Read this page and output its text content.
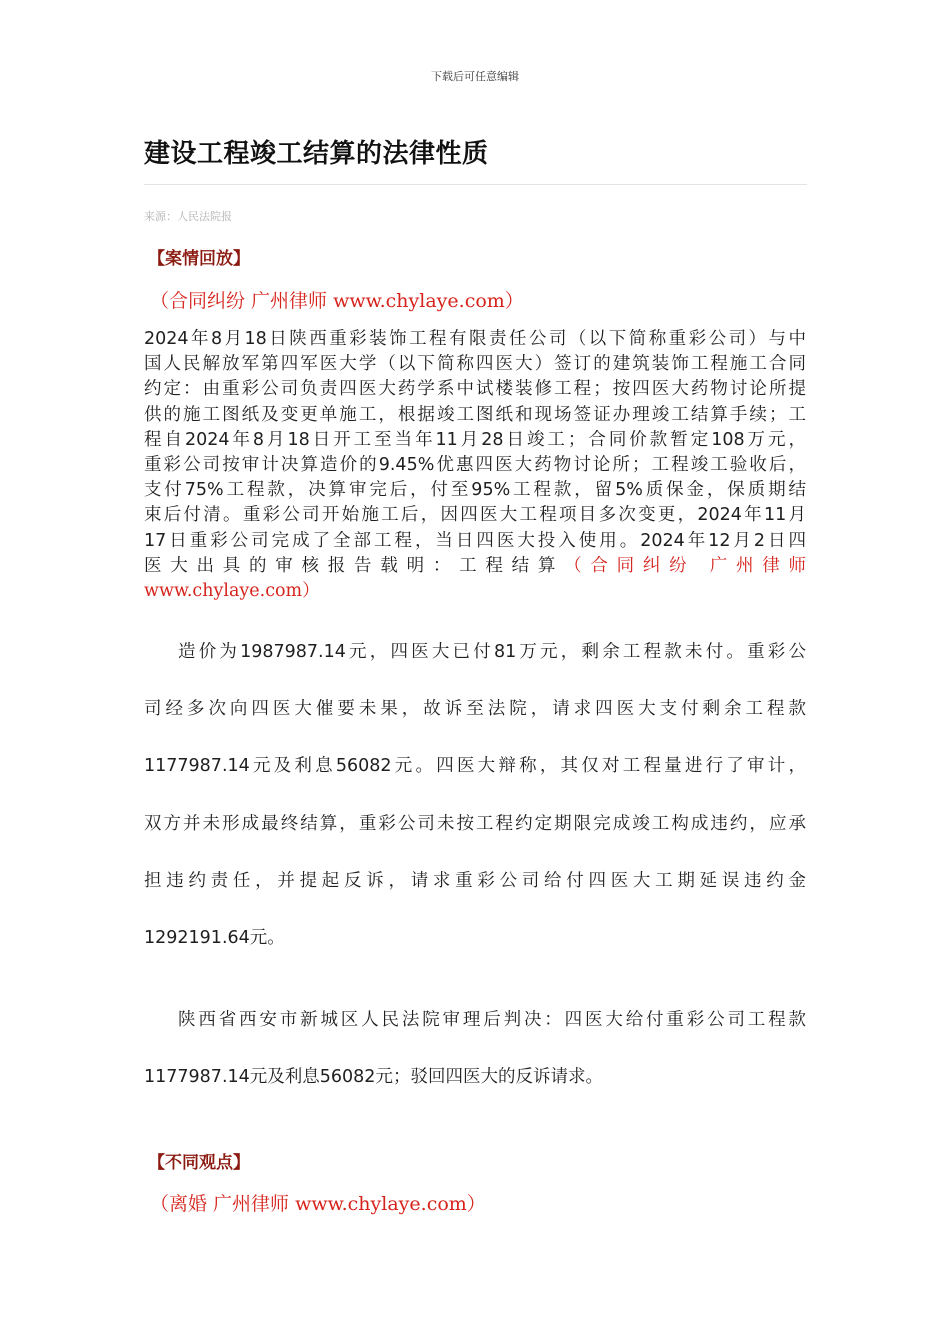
下载后可任意编辑
建设工程竣工结算的法律性质
来源：人民法院报
【案情回放】
（合同纠纷 广州律师 www.chylaye.com）
2024年8月18日陕西重彩装饰工程有限责任公司（以下简称重彩公司）与中
国人民解放军第四军医大学（以下简称四医大）签订的建筑装饰工程施工合同
约定：由重彩公司负责四医大药学系中试楼装修工程；按四医大药物讨论所提
供的施工图纸及变更单施工，根据竣工图纸和现场签证办理竣工结算手续；工
程自2024年8月18日开工至当年11月28日竣工；合同价款暂定108万元，
重彩公司按审计决算造价的9.45%优惠四医大药物讨论所；工程竣工验收后，
支付75%工程款，决算审完后，付至95%工程款，留5%质保金，保质期结
束后付清。重彩公司开始施工后，因四医大工程项目多次变更，2024年11月
17日重彩公司完成了全部工程，当日四医大投入使用。2024年12月2日四
医大出具的审核报告载明：工程结算（合同纠纷 广州律师
www.chylaye.com）
造价为1987987.14元，四医大已付81万元，剩余工程款未付。重彩公
司经多次向四医大催要未果，故诉至法院，请求四医大支付剩余工程款
1177987.14元及利息56082元。四医大辩称，其仅对工程量进行了审计，
双方并未形成最终结算，重彩公司未按工程约定期限完成竣工构成违约，应承
担违约责任，并提起反诉，请求重彩公司给付四医大工期延误违约金
1292191.64元。
陕西省西安市新城区人民法院审理后判决：四医大给付重彩公司工程款
1177987.14元及利息56082元；驳回四医大的反诉请求。
【不同观点】
（离婚 广州律师 www.chylaye.com）
